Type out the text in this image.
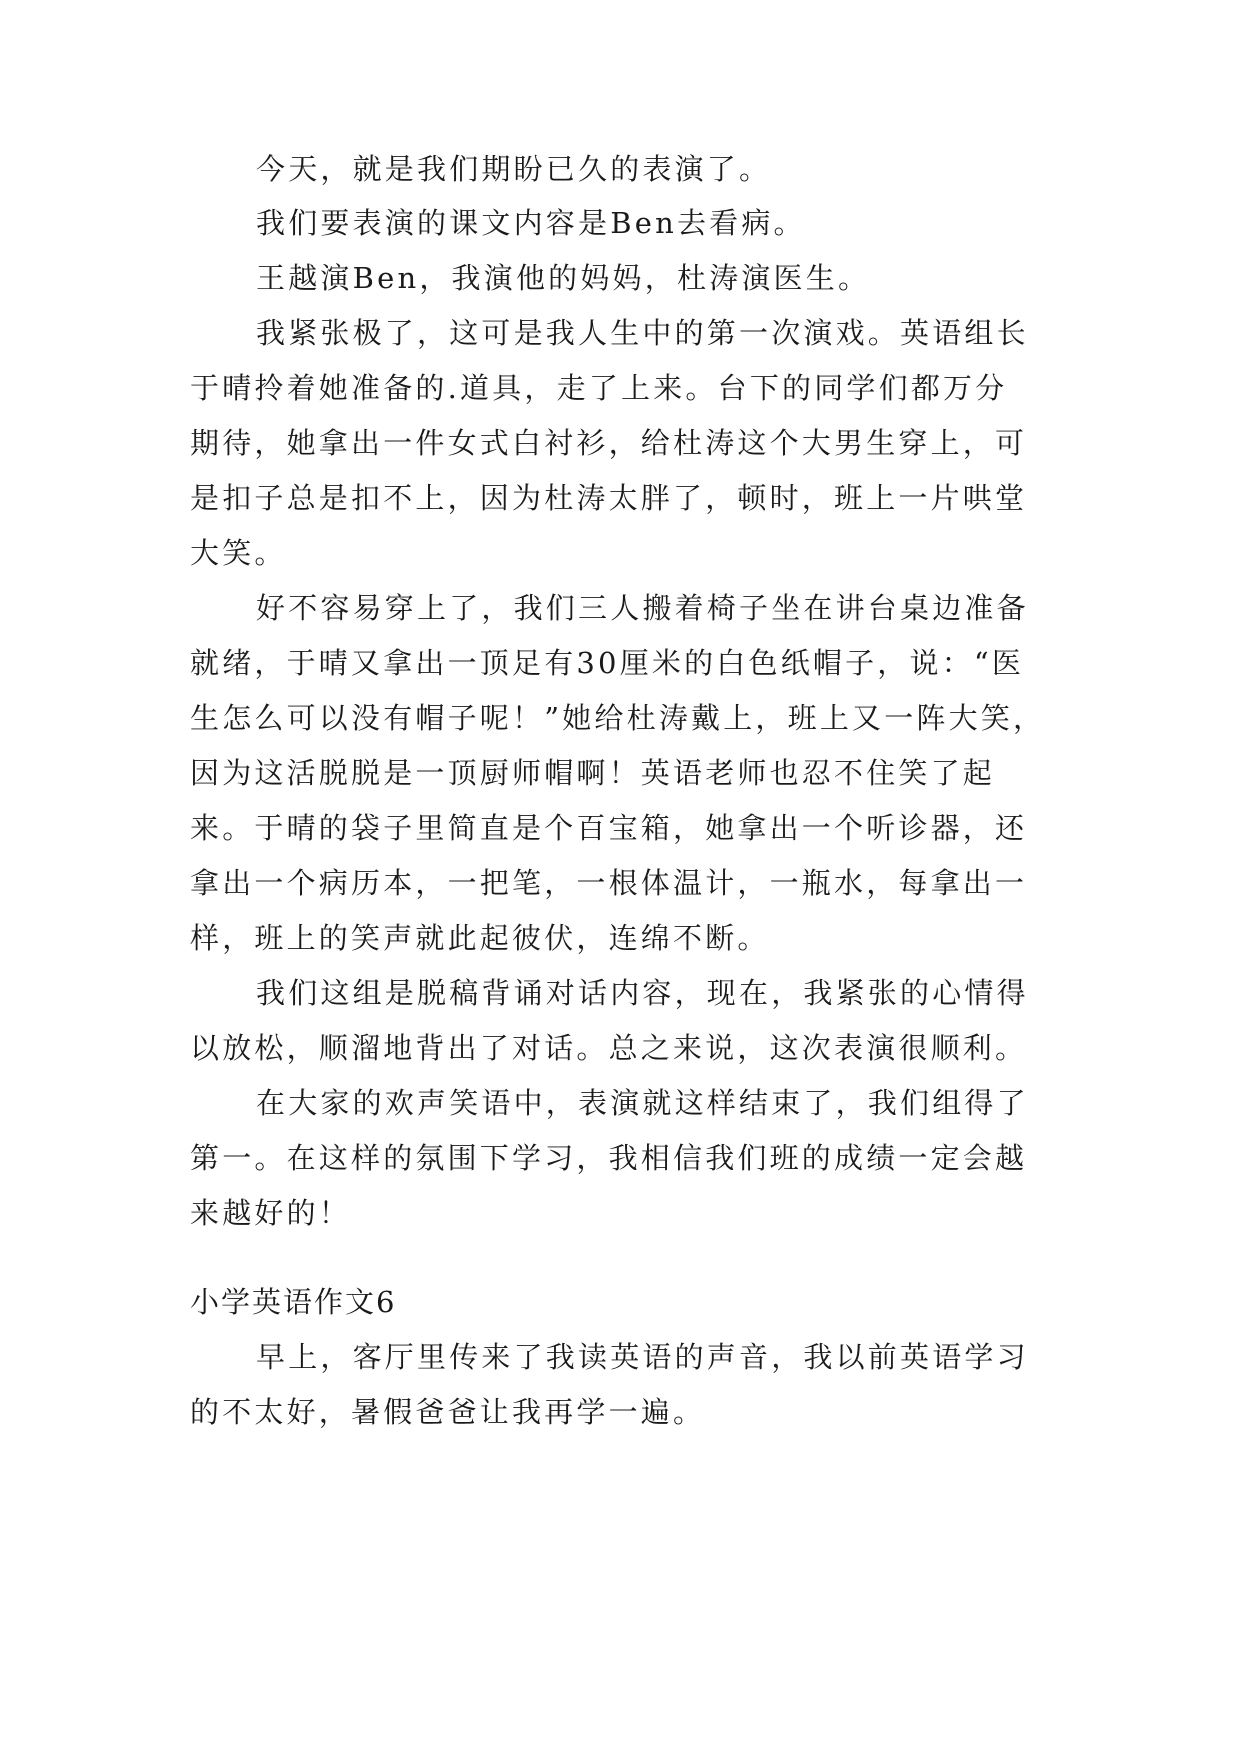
今天，就是我们期盼已久的表演了。
我们要表演的课文内容是Ben去看病。
王越演Ben，我演他的妈妈，杜涛演医生。
我紧张极了，这可是我人生中的第一次演戏。英语组长
于晴拎着她准备的.道具，走了上来。台下的同学们都万分
期待，她拿出一件女式白衬衫，给杜涛这个大男生穿上，可
是扣子总是扣不上，因为杜涛太胖了，顿时，班上一片哄堂
大笑。
好不容易穿上了，我们三人搬着椅子坐在讲台桌边准备
就绪，于晴又拿出一顶足有30厘米的白色纸帽子，说：“医
生怎么可以没有帽子呢！”她给杜涛戴上，班上又一阵大笑，
因为这活脱脱是一顶厨师帽啊！英语老师也忍不住笑了起
来。于晴的袋子里简直是个百宝箱，她拿出一个听诊器，还
拿出一个病历本，一把笔，一根体温计，一瓶水，每拿出一
样，班上的笑声就此起彼伏，连绵不断。
我们这组是脱稿背诵对话内容，现在，我紧张的心情得
以放松，顺溜地背出了对话。总之来说，这次表演很顺利。
在大家的欢声笑语中，表演就这样结束了，我们组得了
第一。在这样的氛围下学习，我相信我们班的成绩一定会越
来越好的！
小学英语作文6
早上，客厅里传来了我读英语的声音，我以前英语学习
的不太好，暑假爸爸让我再学一遍。
